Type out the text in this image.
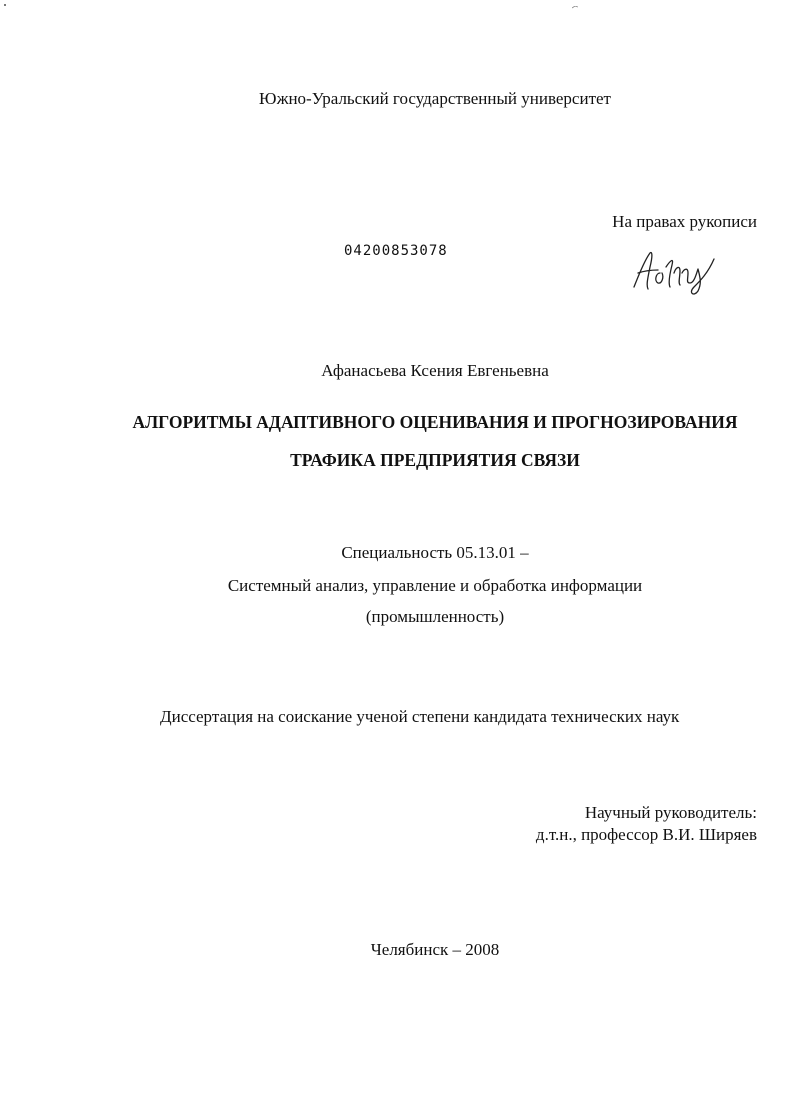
Южно-Уральский государственный университет
На правах рукописи
04200853078
Афанасьева Ксения Евгеньевна
АЛГОРИТМЫ АДАПТИВНОГО ОЦЕНИВАНИЯ И ПРОГНОЗИРОВАНИЯ
ТРАФИКА ПРЕДПРИЯТИЯ СВЯЗИ
Специальность 05.13.01 –
Системный анализ, управление и обработка информации
(промышленность)
Диссертация на соискание ученой степени кандидата технических наук
Научный руководитель:
д.т.н., профессор В.И. Ширяев
Челябинск – 2008
